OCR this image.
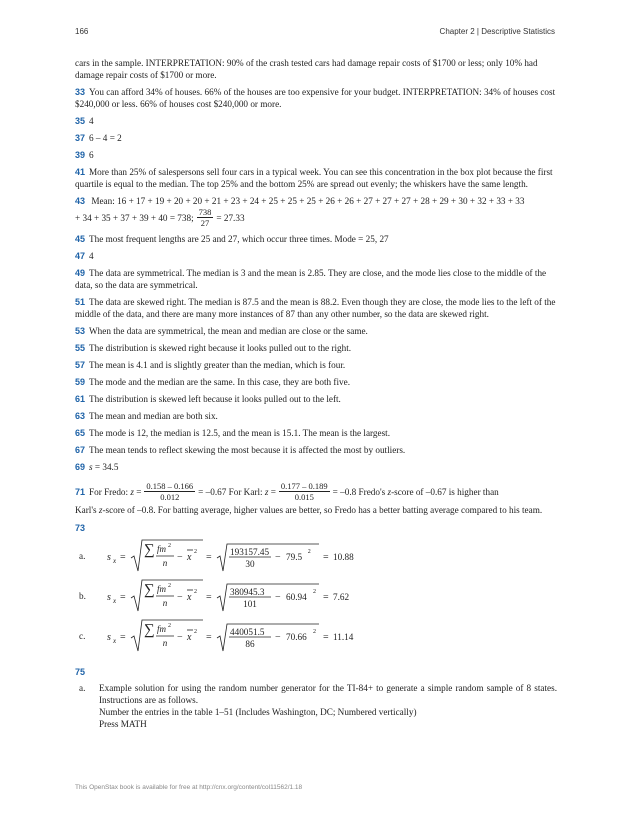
166	Chapter 2 | Descriptive Statistics

cars in the sample. INTERPRETATION: 90% of the crash tested cars had damage repair costs of $1700 or less; only 10% had damage repair costs of $1700 or more.

33 You can afford 34% of houses. 66% of the houses are too expensive for your budget. INTERPRETATION: 34% of houses cost $240,000 or less. 66% of houses cost $240,000 or more.

35 4

37 6 – 4 = 2

39 6

41 More than 25% of salespersons sell four cars in a typical week. You can see this concentration in the box plot because the first quartile is equal to the median. The top 25% and the bottom 25% are spread out evenly; the whiskers have the same length.

43 Mean: 16 + 17 + 19 + 20 + 20 + 21 + 23 + 24 + 25 + 25 + 25 + 26 + 26 + 27 + 27 + 27 + 28 + 29 + 30 + 32 + 33 + 33
+ 34 + 35 + 37 + 39 + 40 = 738; $\frac{738}{27} = 27.33$

45 The most frequent lengths are 25 and 27, which occur three times. Mode = 25, 27

47 4

49 The data are symmetrical. The median is 3 and the mean is 2.85. They are close, and the mode lies close to the middle of the data, so the data are symmetrical.

51 The data are skewed right. The median is 87.5 and the mean is 88.2. Even though they are close, the mode lies to the left of the middle of the data, and there are many more instances of 87 than any other number, so the data are skewed right.

53 When the data are symmetrical, the mean and median are close or the same.

55 The distribution is skewed right because it looks pulled out to the right.

57 The mean is 4.1 and is slightly greater than the median, which is four.

59 The mode and the median are the same. In this case, they are both five.

61 The distribution is skewed left because it looks pulled out to the left.

63 The mean and median are both six.

65 The mode is 12, the median is 12.5, and the mean is 15.1. The mean is the largest.

67 The mean tends to reflect skewing the most because it is affected the most by outliers.

69 s = 34.5

71 For Fredo:
z
= $\frac{0.158 - 0.166}{0.012} = -0.67$ For Karl:
z
= $\frac{0.177 - 0.189}{0.015} = -0.8$ Fredo's
z -score of –0.67 is higher than
Karl's z-score of –0.8. For batting average, higher values are better, so Fredo has a better batting average compared to his team.
73
a.	s x = ∑ fm 2
n − x 2 = 193157.45
30
− 79.5 2 = 10.88
b.	s x = ∑ fm 2
n − x 2 = 380945.3
101
− 60.94 2 = 7.62
c.	s x = ∑ fm 2
n − x 2 = 440051.5
86
− 70.66 2 = 11.14
75
a.	Example solution for using the random number generator for the TI-84+ to generate a simple random sample of 8 states. Instructions are as follows.
Number the entries in the table 1–51 (Includes Washington, DC; Numbered vertically)
Press MATH
This OpenStax book is available for free at http://cnx.org/content/col11562/1.18
